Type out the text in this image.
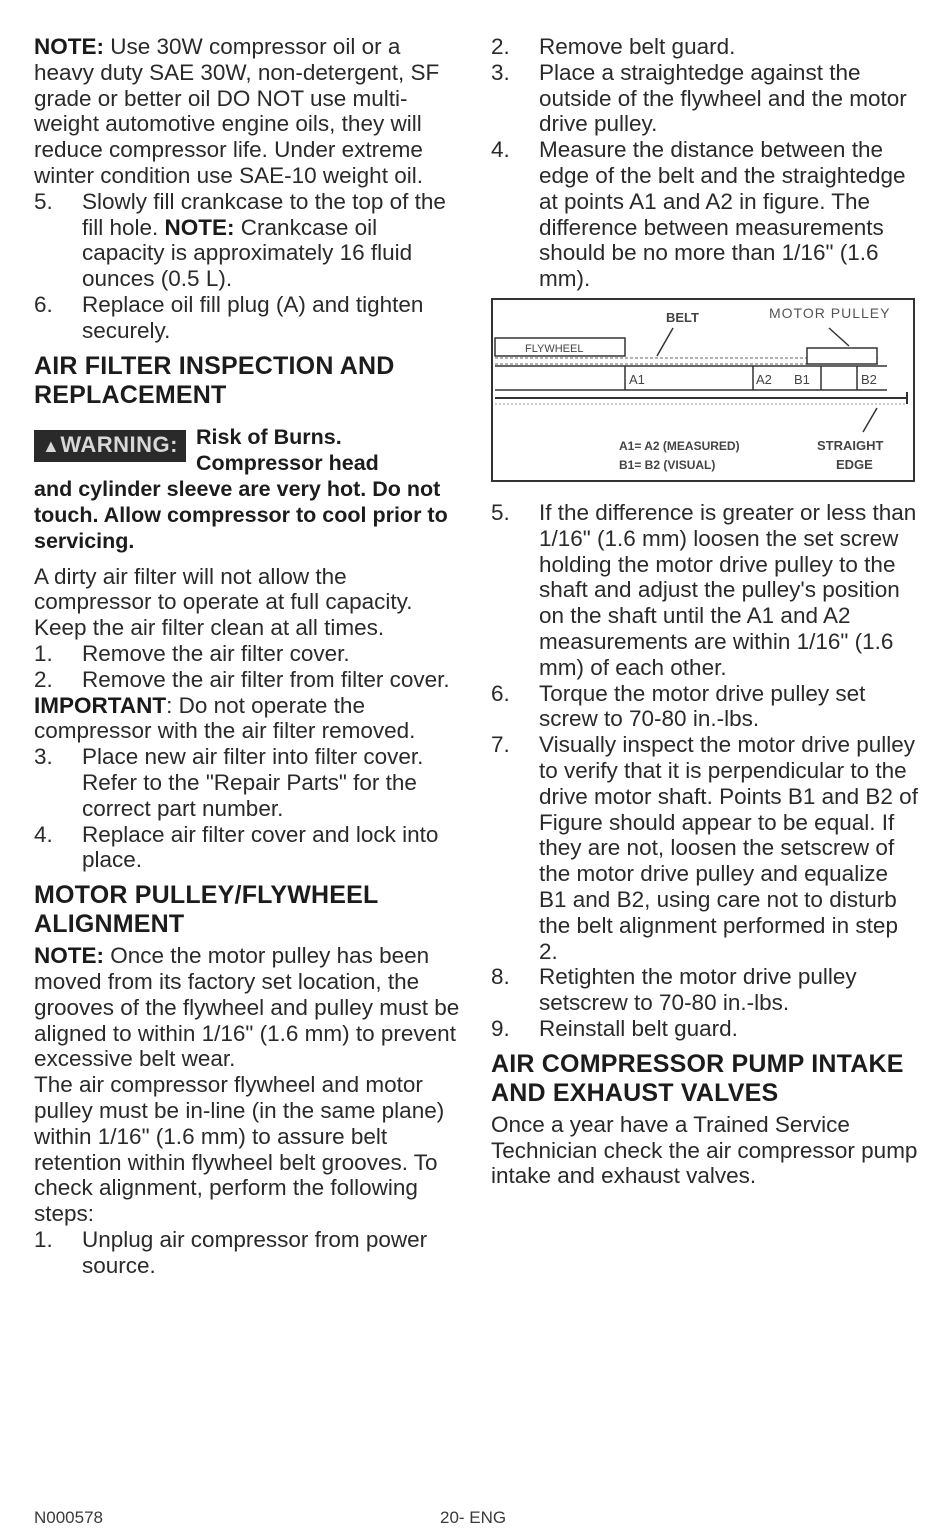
NOTE: Use 30W compressor oil or a heavy duty SAE 30W, non-detergent, SF grade or better oil DO NOT use multi-weight automotive engine oils, they will reduce compressor life. Under extreme winter condition use SAE-10 weight oil.

5. Slowly fill crankcase to the top of the fill hole. NOTE: Crankcase oil capacity is approximately 16 fluid ounces (0.5 L).

6. Replace oil fill plug (A) and tighten securely.

AIR FILTER INSPECTION AND REPLACEMENT
▲WARNING: Risk of Burns.
Compressor head
and cylinder sleeve are very hot. Do not touch. Allow compressor to cool prior to servicing.

A dirty air filter will not allow the compressor to operate at full capacity. Keep the air filter clean at all times.

1. Remove the air filter cover.

2. Remove the air filter from filter cover.

IMPORTANT: Do not operate the compressor with the air filter removed.

3. Place new air filter into filter cover. Refer to the "Repair Parts" for the correct part number.

4. Replace air filter cover and lock into place.

MOTOR PULLEY/FLYWHEEL ALIGNMENT

NOTE: Once the motor pulley has been moved from its factory set location, the grooves of the flywheel and pulley must be aligned to within 1/16" (1.6 mm) to prevent excessive belt wear.

The air compressor flywheel and motor pulley must be in-line (in the same plane) within 1/16" (1.6 mm) to assure belt retention within flywheel belt grooves. To check alignment, perform the following steps:

1. Unplug air compressor from power source.

2. Remove belt guard.

3. Place a straightedge against the outside of the flywheel and the motor drive pulley.

4. Measure the distance between the edge of the belt and the straightedge at points A1 and A2 in figure. The difference between measurements should be no more than 1/16" (1.6 mm).

BELT	MOTOR PULLEY
FLYWHEEL
A1	A2 B1	B2
A1= A2 (MEASURED)
B1= B2 (VISUAL)
STRAIGHT
EDGE

5. If the difference is greater or less than 1/16" (1.6 mm) loosen the set screw holding the motor drive pulley to the shaft and adjust the pulley's position on the shaft until the A1 and A2 measurements are within 1/16" (1.6 mm) of each other.

6. Torque the motor drive pulley set screw to 70-80 in.-lbs.

7. Visually inspect the motor drive pulley to verify that it is perpendicular to the drive motor shaft. Points B1 and B2 of Figure should appear to be equal. If they are not, loosen the setscrew of the motor drive pulley and equalize B1 and B2, using care not to disturb the belt alignment performed in step 2.

8. Retighten the motor drive pulley setscrew to 70-80 in.-lbs.

9. Reinstall belt guard.

AIR COMPRESSOR PUMP INTAKE AND EXHAUST VALVES

Once a year have a Trained Service Technician check the air compressor pump intake and exhaust valves.

N000578	20- ENG
